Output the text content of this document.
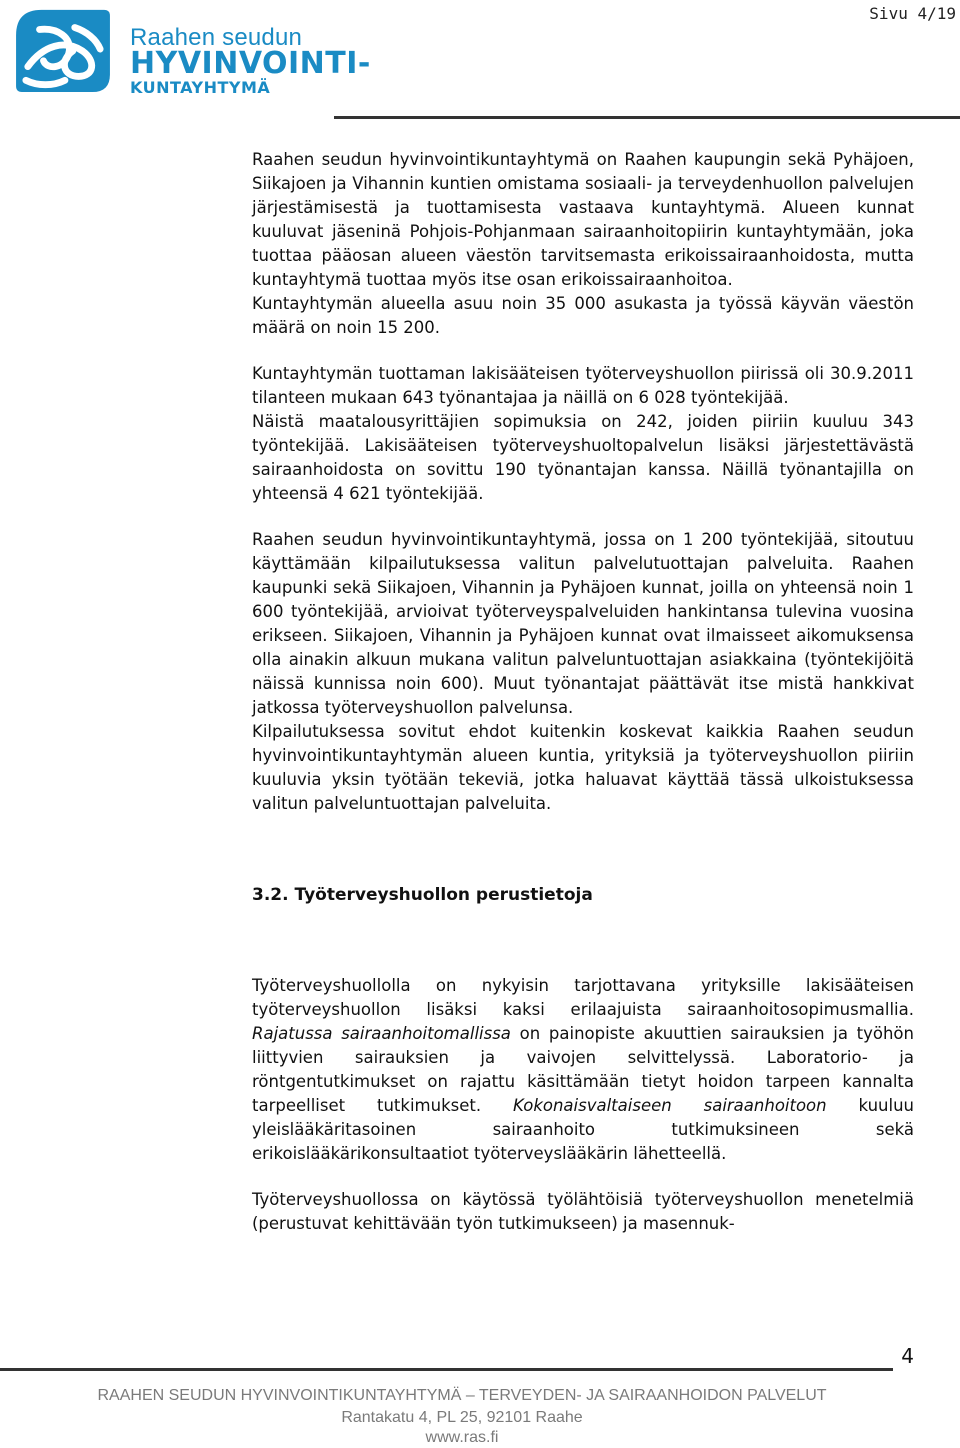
Raahen seudun
HYVINVOINTI-
KUNTAYHTYMÄ
Sivu 4/19

Raahen seudun hyvinvointikuntayhtymä on Raahen kaupungin sekä Pyhäjoen, Siikajoen ja Vihannin kuntien omistama sosiaali- ja terveydenhuollon palvelujen järjestämisestä ja tuottamisesta vastaava kuntayhtymä. Alueen kunnat kuuluvat jäseninä Pohjois-Pohjanmaan sairaanhoitopiirin kuntayhtymään, joka tuottaa pääosan alueen väestön tarvitsemasta erikoissairaanhoidosta, mutta kuntayhtymä tuottaa myös itse osan erikoissairaanhoitoa.

Kuntayhtymän alueella asuu noin 35 000 asukasta ja työssä käyvän väestön määrä on noin 15 200.

Kuntayhtymän tuottaman lakisääteisen työterveyshuollon piirissä oli 30.9.2011 tilanteen mukaan 643 työnantajaa ja näillä on 6 028 työntekijää.

Näistä maatalousyrittäjien sopimuksia on 242, joiden piiriin kuuluu 343 työntekijää. Lakisääteisen työterveyshuoltopalvelun lisäksi järjestettävästä sairaanhoidosta on sovittu 190 työnantajan kanssa. Näillä työnantajilla on yhteensä 4 621 työntekijää.

Raahen seudun hyvinvointikuntayhtymä, jossa on 1 200 työntekijää, sitoutuu käyttämään kilpailutuksessa valitun palvelutuottajan palveluita. Raahen kaupunki sekä Siikajoen, Vihannin ja Pyhäjoen kunnat, joilla on yhteensä noin 1 600 työntekijää, arvioivat työterveyspalveluiden hankintansa tulevina vuosina erikseen. Siikajoen, Vihannin ja Pyhäjoen kunnat ovat ilmaisseet aikomuksensa olla ainakin alkuun mukana valitun palveluntuottajan asiakkaina (työntekijöitä näissä kunnissa noin 600). Muut työnantajat päättävät itse mistä hankkivat jatkossa työterveyshuollon palvelunsa.

Kilpailutuksessa sovitut ehdot kuitenkin koskevat kaikkia Raahen seudun hyvinvointikuntayhtymän alueen kuntia, yrityksiä ja työterveyshuollon piiriin kuuluvia yksin työtään tekeviä, jotka haluavat käyttää tässä ulkoistuksessa valitun palveluntuottajan palveluita.

3.2. Työterveyshuollon perustietoja

Työterveyshuollolla on nykyisin tarjottavana yrityksille lakisääteisen työterveyshuollon lisäksi kaksi erilaajuista sairaanhoitosopimusmallia. Rajatussa sairaanhoitomallissa on painopiste akuuttien sairauksien ja työhön liittyvien sairauksien ja vaivojen selvittelyssä. Laboratorio- ja röntgentutkimukset on rajattu käsittämään tietyt hoidon tarpeen kannalta tarpeelliset tutkimukset. Kokonaisvaltaiseen sairaanhoitoon kuuluu yleislääkäritasoinen sairaanhoito tutkimuksineen sekä erikoislääkärikonsultaatiot työterveyslääkärin lähetteellä.

Työterveyshuollossa on käytössä työlähtöisiä työterveyshuollon menetelmiä (perustuvat kehittävään työn tutkimukseen) ja masennuk-

4
RAAHEN SEUDUN HYVINVOINTIKUNTAYHTYMÄ – TERVEYDEN- JA SAIRAANHOIDON PALVELUT
Rantakatu 4, PL 25, 92101 Raahe
www.ras.fi
